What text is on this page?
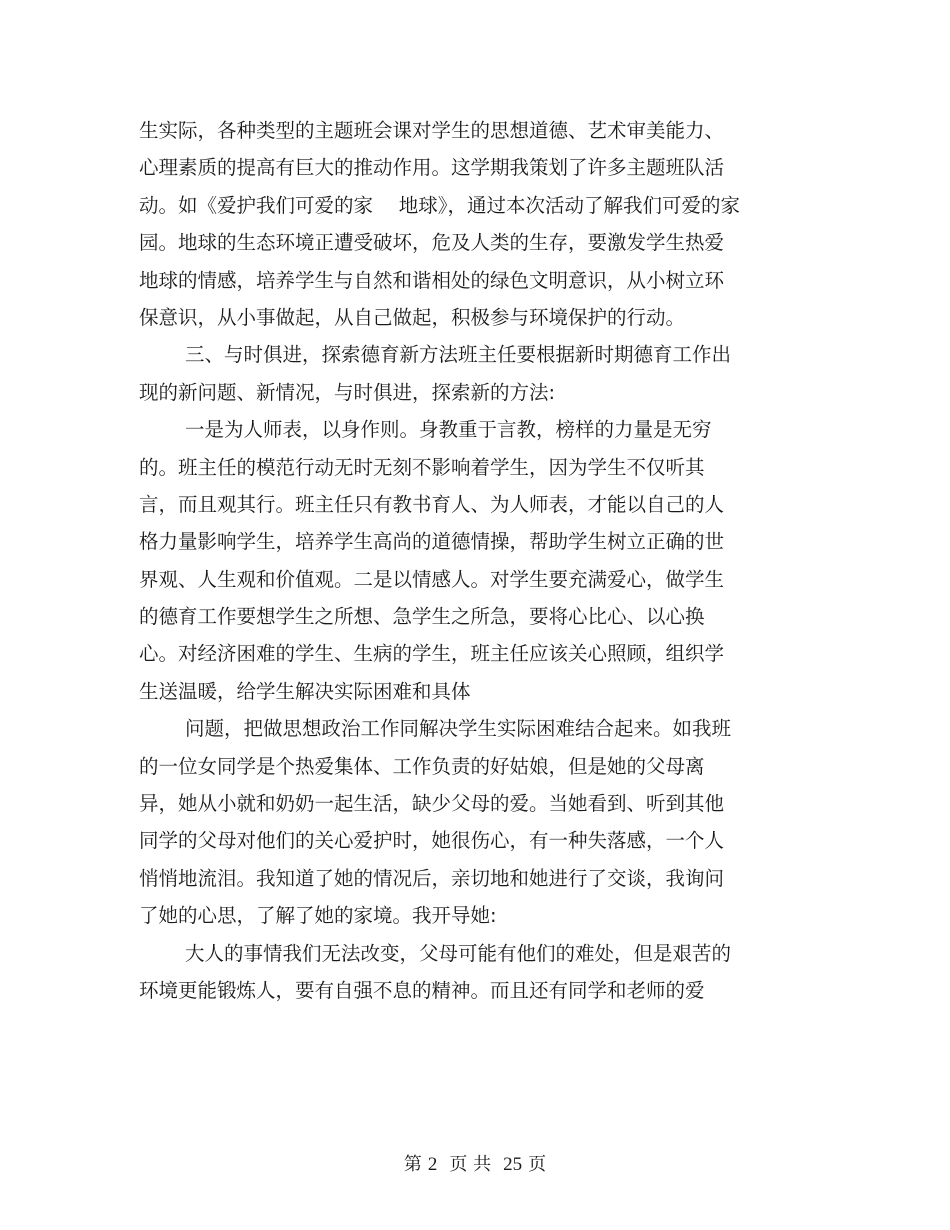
生实际，各种类型的主题班会课对学生的思想道德、艺术审美能力、
心理素质的提高有巨大的推动作用。这学期我策划了许多主题班队活
动。如《爱护我们可爱的家　 地球》，通过本次活动了解我们可爱的家
园。地球的生态环境正遭受破坏，危及人类的生存，要激发学生热爱
地球的情感，培养学生与自然和谐相处的绿色文明意识，从小树立环
保意识，从小事做起，从自己做起，积极参与环境保护的行动。
三、与时俱进，探索德育新方法班主任要根据新时期德育工作出
现的新问题、新情况，与时俱进，探索新的方法:
一是为人师表，以身作则。身教重于言教，榜样的力量是无穷
的。班主任的模范行动无时无刻不影响着学生，因为学生不仅听其
言，而且观其行。班主任只有教书育人、为人师表，才能以自己的人
格力量影响学生，培养学生高尚的道德情操，帮助学生树立正确的世
界观、人生观和价值观。二是以情感人。对学生要充满爱心，做学生
的德育工作要想学生之所想、急学生之所急，要将心比心、以心换
心。对经济困难的学生、生病的学生，班主任应该关心照顾，组织学
生送温暖，给学生解决实际困难和具体
问题，把做思想政治工作同解决学生实际困难结合起来。如我班
的一位女同学是个热爱集体、工作负责的好姑娘，但是她的父母离
异，她从小就和奶奶一起生活，缺少父母的爱。当她看到、听到其他
同学的父母对他们的关心爱护时，她很伤心，有一种失落感，一个人
悄悄地流泪。我知道了她的情况后，亲切地和她进行了交谈，我询问
了她的心思，了解了她的家境。我开导她:
大人的事情我们无法改变，父母可能有他们的难处，但是艰苦的
环境更能锻炼人，要有自强不息的精神。而且还有同学和老师的爱
第 2 页 共 25 页
